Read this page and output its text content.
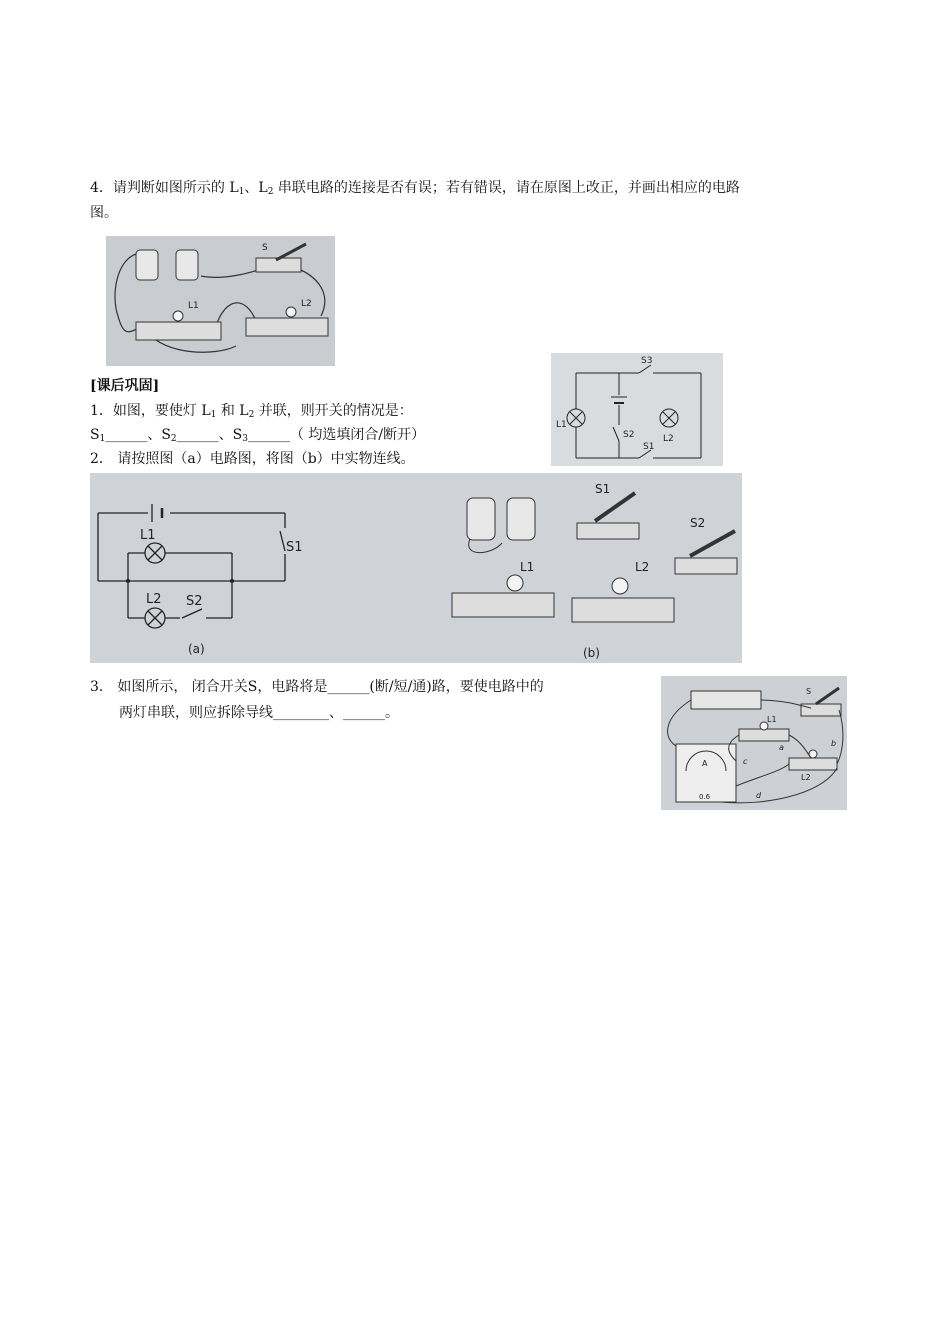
4．请判断如图所示的 $L_1$、$L_2$ 串联电路的连接是否有误；若有错误，请在原图上改正，并画出相应的电路
图。
S
L1	L2
S3
S2
S1
L1
L2
[课后巩固]
1．如图，要使灯 $L_1$ 和 $L_2$ 并联，则开关的情况是：
$S_1\_\_\_\_\_\_$、$S_2\_\_\_\_\_\_$、$S_3\_\_\_\_\_\_$（ 均选填闭合/断开）
2． 请按照图（a）电路图，将图（b）中实物连线。
L1
L2
S1
S2
(a)
S1
S2
L1	L2
(b)
3． 如图所示， 闭合开关S，电路将是______(断/短/通)路，要使电路中的
两灯串联，则应拆除导线________、______。
S
L1
L2
A
0.6
a	b
c
d
